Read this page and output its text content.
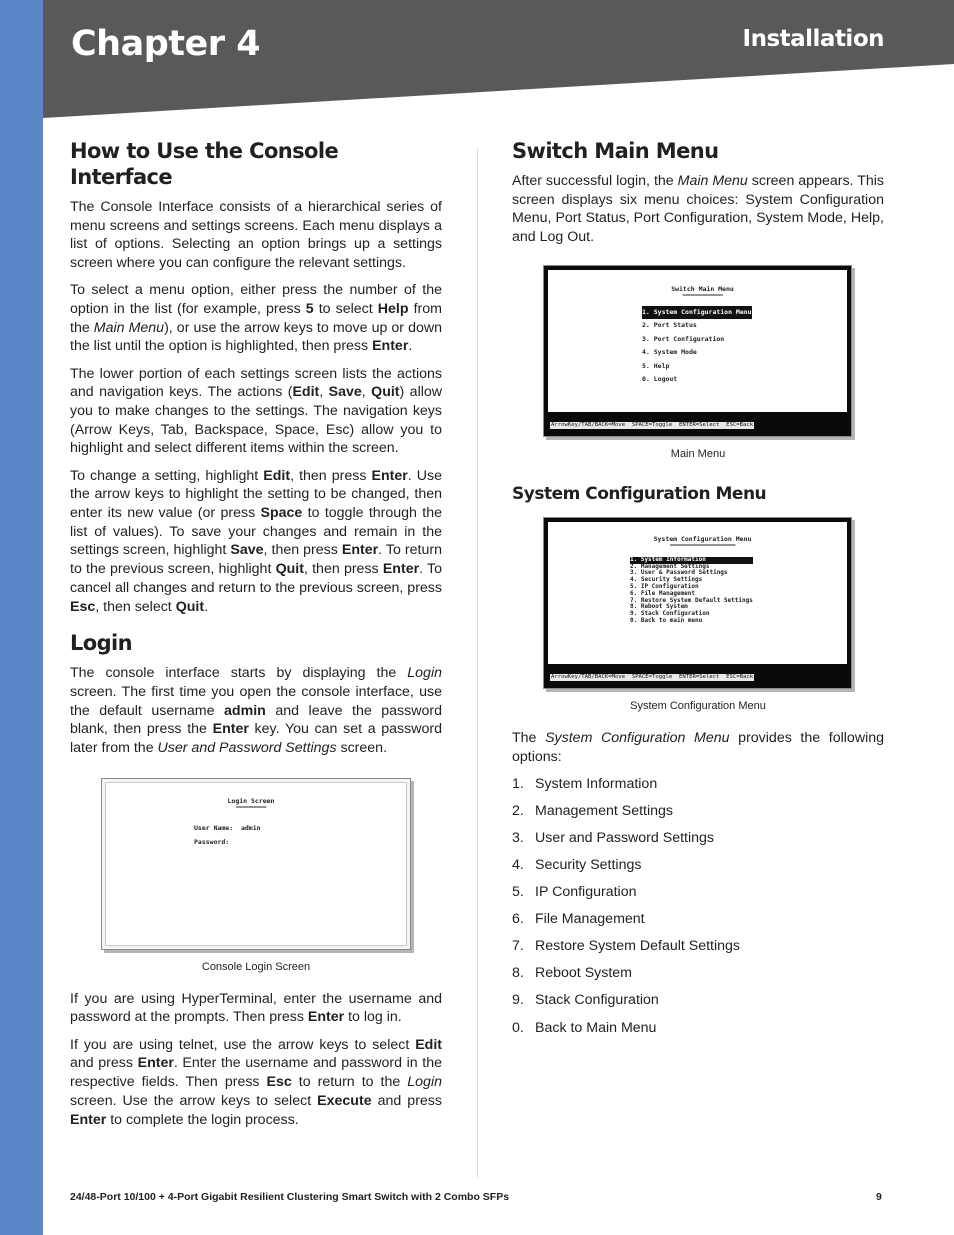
Chapter 4	Installation
How to Use the Console Interface

The Console Interface consists of a hierarchical series of menu screens and settings screens. Each menu displays a list of options. Selecting an option brings up a settings screen where you can configure the relevant settings.

To select a menu option, either press the number of the option in the list (for example, press 5 to select Help from the Main Menu), or use the arrow keys to move up or down the list until the option is highlighted, then press Enter.

The lower portion of each settings screen lists the actions and navigation keys. The actions (Edit, Save, Quit) allow you to make changes to the settings. The navigation keys (Arrow Keys, Tab, Backspace, Space, Esc) allow you to highlight and select different items within the screen.

To change a setting, highlight Edit, then press Enter. Use the arrow keys to highlight the setting to be changed, then enter its new value (or press Space to toggle through the list of values). To save your changes and remain in the settings screen, highlight Save, then press Enter. To return to the previous screen, highlight Quit, then press Enter. To cancel all changes and return to the previous screen, press Esc, then select Quit.

Login

The console interface starts by displaying the Login screen. The first time you open the console interface, use the default username admin and leave the password blank, then press the Enter key. You can set a password later from the User and Password Settings screen.

Login Screen
============
User Name:  admin
Password:
Console Login Screen

If you are using HyperTerminal, enter the username and password at the prompts. Then press Enter to log in.

If you are using telnet, use the arrow keys to select Edit and press Enter. Enter the username and password in the respective fields. Then press Esc to return to the Login screen. Use the arrow keys to select Execute and press Enter to complete the login process.

Switch Main Menu

After successful login, the Main Menu screen appears. This screen displays six menu choices: System Configuration Menu, Port Status, Port Configuration, System Mode, Help, and Log Out.

Switch Main Menu
================
1. System Configuration Menu
2. Port Status
3. Port Configuration
4. System Mode
5. Help
0. Logout
ArrowKey/TAB/BACK=Move  SPACE=Toggle  ENTER=Select  ESC=Back
Main Menu
System Configuration Menu
System Configuration Menu
==========================
1. System Information
2. Management Settings
3. User & Password Settings
4. Security Settings
5. IP Configuration
6. File Management
7. Restore System Default Settings
8. Reboot System
9. Stack Configuration
0. Back to main menu
ArrowKey/TAB/BACK=Move  SPACE=Toggle  ENTER=Select  ESC=Back
System Configuration Menu

The System Configuration Menu provides the following options:

1. System Information
2. Management Settings
3. User and Password Settings
4. Security Settings
5. IP Configuration
6. File Management
7. Restore System Default Settings
8. Reboot System
9. Stack Configuration
0. Back to Main Menu
24/48-Port 10/100 + 4-Port Gigabit Resilient Clustering Smart Switch with 2 Combo SFPs	9
